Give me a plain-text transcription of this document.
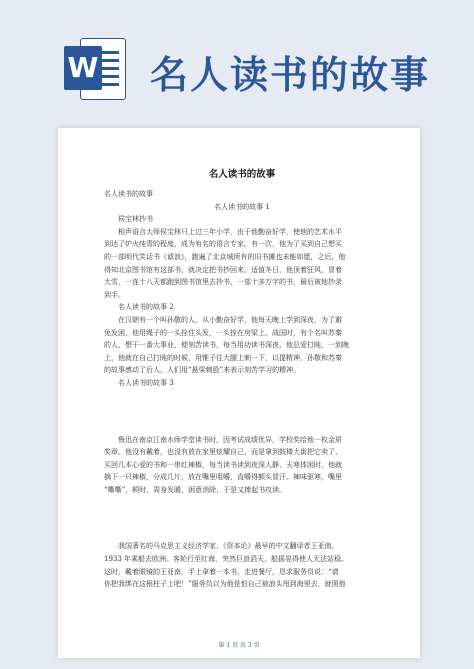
W 名人读书的故事
名人读书的故事

名人读书的故事

名人读书的故事 1

侯宝林抄书

相声语言大师侯宝林只上过三年小学，由于他勤奋好学，使他的艺术水平

到达了炉火纯青的程度，成为有名的语言专家。有一次，他为了买到自己想买

的一部明代笑话书《谑浪》，跑遍了北京城所有的旧书摊也未能如愿，之后，他

得知北京图书馆有这部书，就决定把书抄回来。适值冬日，他顶着狂风，冒着

大雪，一连十八天都跑到图书馆里去抄书，一部十多万字的书，最后被他抄录

到手。

名人读书的故事 2

在汉朝有一个叫孙敬的人，从小勤奋好学，他每天晚上学到深夜，为了避

免发困，他用绳子的一头拴住头发，一头拴在房梁上。战国时，有个名叫苏秦

的人，想干一番大事业，便刻苦读书，每当用功读书深夜，他总爱打盹，一到晚

上，他就在自己打盹的时候，用锥子往大腿上刺一下，以提精神。孙敬和苏秦

的故事感动了后人，人们用“悬梁刺股”来表示刻苦学习的精神。

名人读书的故事 3

鲁迅在南京江南水师学堂读书时，因考试成绩优异，学校奖给他一枚金质

奖章。他没有戴着，也没有放在家里炫耀自己，而是拿到鼓楼大街把它卖了，

买回几本心爱的书和一串红辣椒，每当读书读到夜深人静、天寒体困时，他就

摘下一只辣椒，分成几片，放在嘴里咀嚼，直嚼得额头冒汗。辣味驱寒，嘴里

“嘶嘶”，顿时，周身发暖，困意消除，于是又捧起书攻读。

我国著名的马克思主义经济学家、《资本论》最早的中文翻译者王亚南，

1933 年乘船去欧洲。客轮行至红海，突然巨浪滔天，船摇晃得使人无法站稳。

这时，戴着眼镜的王亚南，手上拿着一本书，走进餐厅，恳求服务员说：“请

你把我绑在这根柱子上吧！”服务员以为他是怕自己被浪头甩到海里去，就照他

第 1 页 共 3 页
